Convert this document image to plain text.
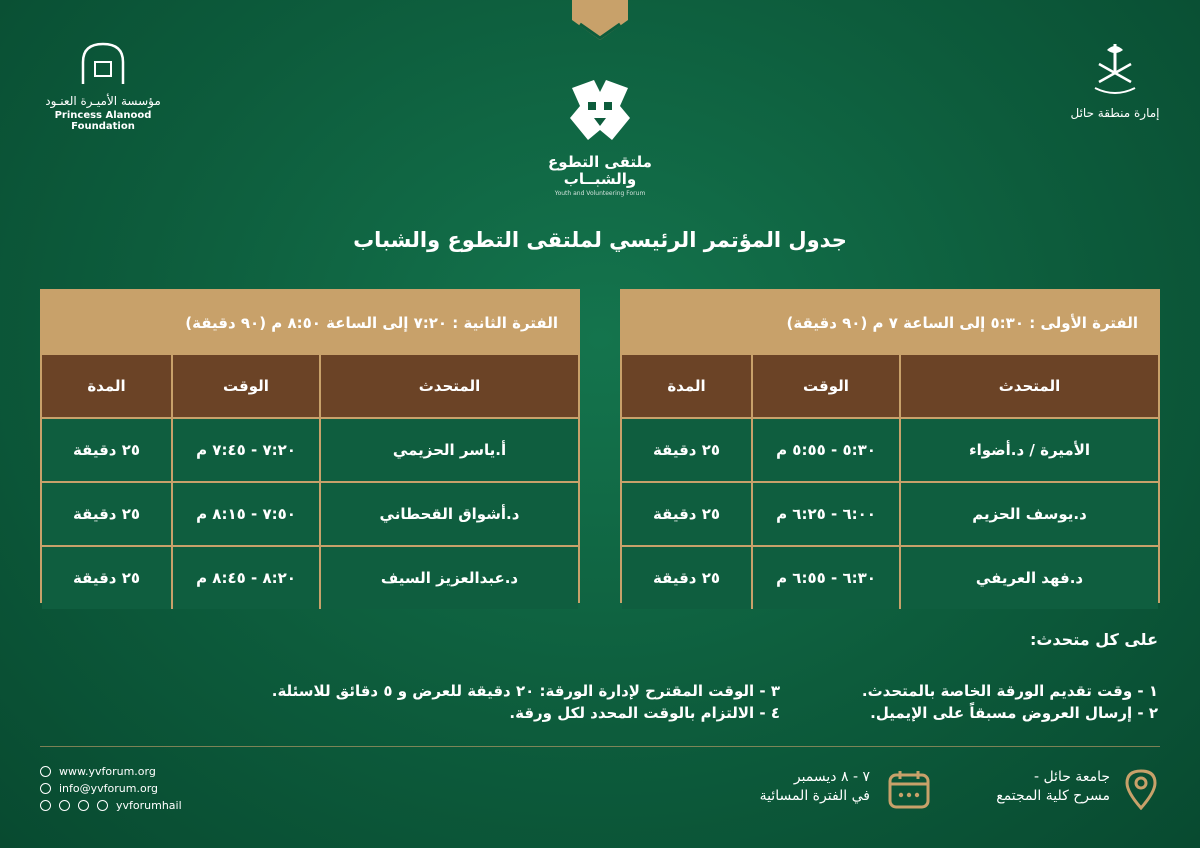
مؤسسة الأميـرة العنـود
Princess Alanood Foundation
ملتقى التطوع
والشبــاب
Youth and Volunteering Forum
إمارة منطقة حائل
جدول المؤتمر الرئيسي لملتقى التطوع والشباب
الفترة الأولى : ٥:٣٠ إلى الساعة ٧ م (٩٠ دقيقة)
المتحدث	الوقت	المدة
الأميرة / د.أضواء	٥:٣٠ - ٥:٥٥ م	٢٥ دقيقة
د.يوسف الحزيم	٦:٠٠ - ٦:٢٥ م	٢٥ دقيقة
د.فهد العريفي	٦:٣٠ - ٦:٥٥ م	٢٥ دقيقة
الفترة الثانية : ٧:٢٠ إلى الساعة ٨:٥٠ م (٩٠ دقيقة)
المتحدث	الوقت	المدة
أ.ياسر الحزيمي	٧:٢٠ - ٧:٤٥ م	٢٥ دقيقة
د.أشواق القحطاني	٧:٥٠ - ٨:١٥ م	٢٥ دقيقة
د.عبدالعزيز السيف	٨:٢٠ - ٨:٤٥ م	٢٥ دقيقة
على كل متحدث:
١ - وقت تقديم الورقة الخاصة بالمتحدث.
٢ - إرسال العروض مسبقاً على الإيميل.
٣ - الوقت المقترح لإدارة الورقة: ٢٠ دقيقة للعرض و ٥ دقائق للاسئلة.
٤ - الالتزام بالوقت المحدد لكل ورقة.
www.yvforum.org
info@yvforum.org
yvforumhail
٧ - ٨ ديسمبر
في الفترة المسائية
جامعة حائل -
مسرح كلية المجتمع
